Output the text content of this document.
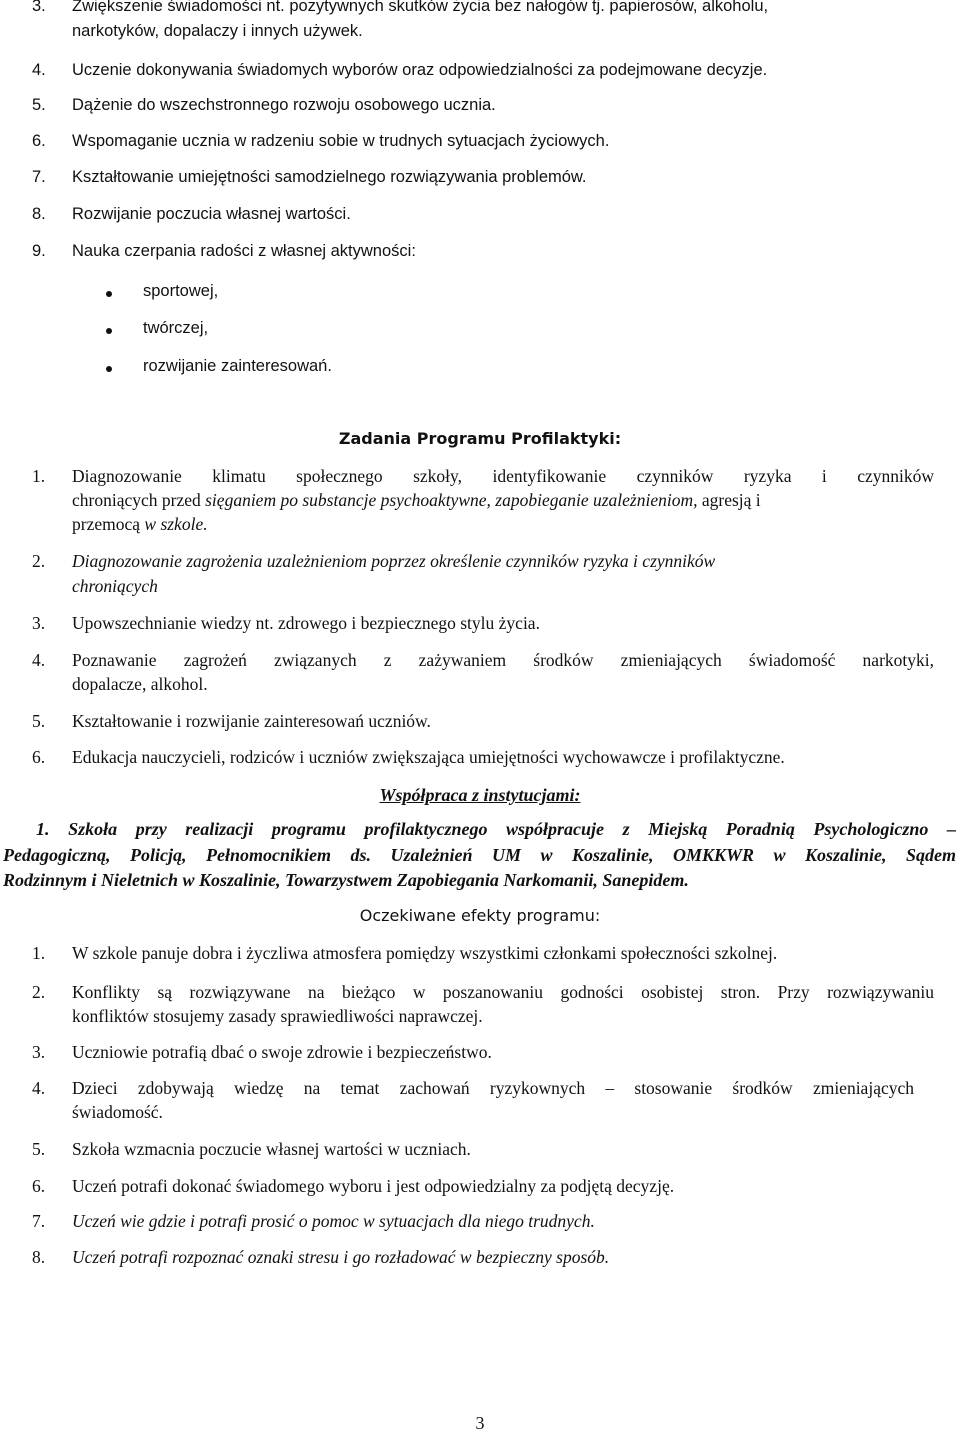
3.	Zwiększenie świadomości nt. pozytywnych skutków życia bez nałogów tj. papierosów, alkoholu,
narkotyków, dopalaczy i innych używek.
4.	Uczenie dokonywania świadomych wyborów oraz odpowiedzialności za podejmowane decyzje.
5.	Dążenie do wszechstronnego rozwoju osobowego ucznia.
6.	Wspomaganie ucznia w radzeniu sobie w trudnych sytuacjach życiowych.
7.	Kształtowanie umiejętności samodzielnego rozwiązywania problemów.
8.	Rozwijanie poczucia własnej wartości.
9.	Nauka czerpania radości z własnej aktywności:
sportowej,
twórczej,
rozwijanie zainteresowań.
Zadania Programu Profilaktyki:
1.	Diagnozowanie klimatu społecznego szkoły, identyfikowanie czynników ryzyka i czynników
chroniących przed sięganiem po substancje psychoaktywne, zapobieganie uzależnieniom, agresją i
przemocą w szkole.
2.	Diagnozowanie zagrożenia uzależnieniom poprzez określenie czynników ryzyka i czynników
chroniących
3.	Upowszechnianie wiedzy nt. zdrowego i bezpiecznego stylu życia.
4.	Poznawanie zagrożeń związanych z zażywaniem środków zmieniających świadomość narkotyki,
dopalacze, alkohol.
5.	Kształtowanie i rozwijanie zainteresowań uczniów.
6.	Edukacja nauczycieli, rodziców i uczniów zwiększająca umiejętności wychowawcze i profilaktyczne.
Współpraca z instytucjami:
1. Szkoła przy realizacji programu profilaktycznego współpracuje z Miejską Poradnią Psychologiczno –
Pedagogiczną, Policją, Pełnomocnikiem ds. Uzależnień UM w Koszalinie, OMKKWR w Koszalinie, Sądem
Rodzinnym i Nieletnich w Koszalinie, Towarzystwem Zapobiegania Narkomanii, Sanepidem.
Oczekiwane efekty programu:
1.	W szkole panuje dobra i życzliwa atmosfera pomiędzy wszystkimi członkami społeczności szkolnej.
2.	Konflikty są rozwiązywane na bieżąco w poszanowaniu godności osobistej stron. Przy rozwiązywaniu
konfliktów stosujemy zasady sprawiedliwości naprawczej.
3.	Uczniowie potrafią dbać o swoje zdrowie i bezpieczeństwo.
4.	Dzieci zdobywają wiedzę na temat zachowań ryzykownych – stosowanie środków zmieniających
świadomość.
5.	Szkoła wzmacnia poczucie własnej wartości w uczniach.
6.	Uczeń potrafi dokonać świadomego wyboru i jest odpowiedzialny za podjętą decyzję.
7.	Uczeń wie gdzie i potrafi prosić o pomoc w sytuacjach dla niego trudnych.
8.	Uczeń potrafi rozpoznać oznaki stresu i go rozładować w bezpieczny sposób.
3
